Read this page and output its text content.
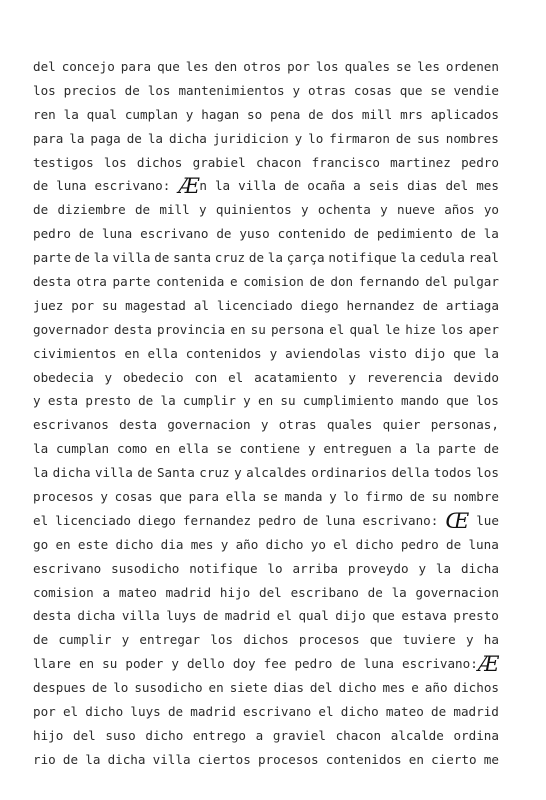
del concejo para que les den otros por los quales se les ordenen
los precios de los mantenimientos y otras cosas que se vendie
ren la qual cumplan y hagan so pena de dos mill mrs aplicados
para la paga de la dicha juridicion y lo firmaron de sus nombres
testigos los dichos grabiel chacon francisco martinez pedro
de luna escrivano: Æn la villa de ocaña a seis dias del mes
de diziembre de mill y quinientos y ochenta y nueve años yo
pedro de luna escrivano de yuso contenido de pedimiento de la
parte de la villa de santa cruz de la çarça notifique la cedula real
desta otra parte contenida e comision de don fernando del pulgar
juez por su magestad al licenciado diego hernandez de artiaga
governador desta provincia en su persona el qual le hize los aper
civimientos en ella contenidos y aviendolas visto dijo que la
obedecia y obedecio con el acatamiento y reverencia devido
y esta presto de la cumplir y en su cumplimiento mando que los
escrivanos desta governacion y otras quales quier personas,
la cumplan como en ella se contiene y entreguen a la parte de
la dicha villa de Santa cruz y alcaldes ordinarios della todos los
procesos y cosas que para ella se manda y lo firmo de su nombre
el licenciado diego fernandez pedro de luna escrivano: Œ lue
go en este dicho dia mes y año dicho yo el dicho pedro de luna
escrivano susodicho notifique lo arriba proveydo y la dicha
comision a mateo madrid hijo del escribano de la governacion
desta dicha villa luys de madrid el qual dijo que estava presto
de cumplir y entregar los dichos procesos que tuviere y ha
llare en su poder y dello doy fee pedro de luna escrivano:Æ
despues de lo susodicho en siete dias del dicho mes e año dichos
por el dicho luys de madrid escrivano el dicho mateo de madrid
hijo del suso dicho entrego a graviel chacon alcalde ordina
rio de la dicha villa ciertos procesos contenidos en cierto me
